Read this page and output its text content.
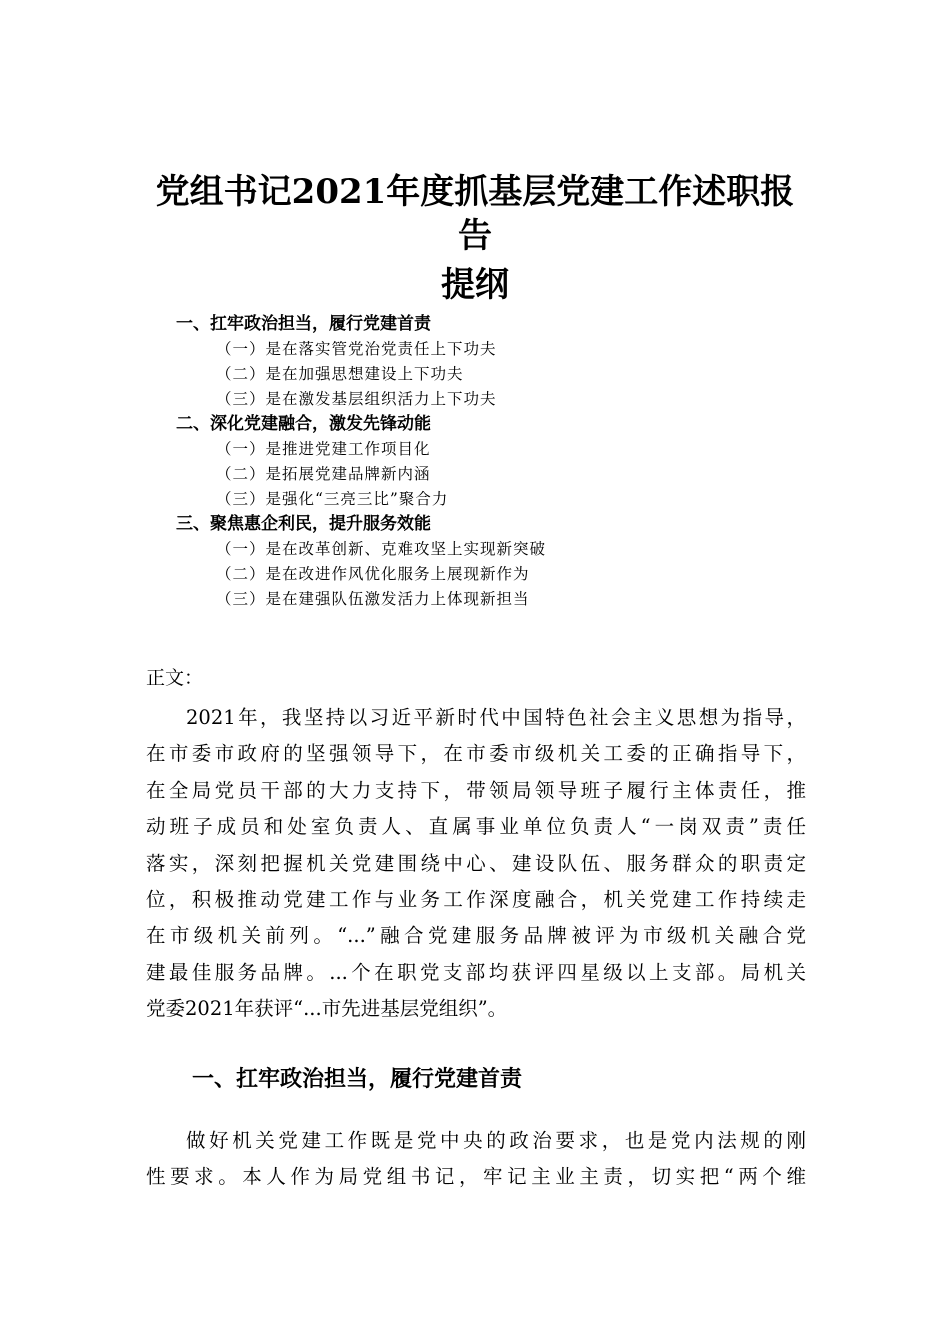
党组书记2021年度抓基层党建工作述职报
告
提纲
一、扛牢政治担当，履行党建首责
（一）是在落实管党治党责任上下功夫
（二）是在加强思想建设上下功夫
（三）是在激发基层组织活力上下功夫
二、深化党建融合，激发先锋动能
（一）是推进党建工作项目化
（二）是拓展党建品牌新内涵
（三）是强化“三亮三比”聚合力
三、聚焦惠企利民，提升服务效能
（一）是在改革创新、克难攻坚上实现新突破
（二）是在改进作风优化服务上展现新作为
（三）是在建强队伍激发活力上体现新担当
正文：
2021年，我坚持以习近平新时代中国特色社会主义思想为指导，
在市委市政府的坚强领导下，在市委市级机关工委的正确指导下，
在全局党员干部的大力支持下，带领局领导班子履行主体责任，推
动班子成员和处室负责人、直属事业单位负责人“一岗双责”责任
落实，深刻把握机关党建围绕中心、建设队伍、服务群众的职责定
位，积极推动党建工作与业务工作深度融合，机关党建工作持续走
在市级机关前列。“...”融合党建服务品牌被评为市级机关融合党
建最佳服务品牌。...个在职党支部均获评四星级以上支部。局机关
党委2021年获评“...市先进基层党组织”。
一、扛牢政治担当，履行党建首责
做好机关党建工作既是党中央的政治要求，也是党内法规的刚
性要求。本人作为局党组书记，牢记主业主责，切实把“两个维
